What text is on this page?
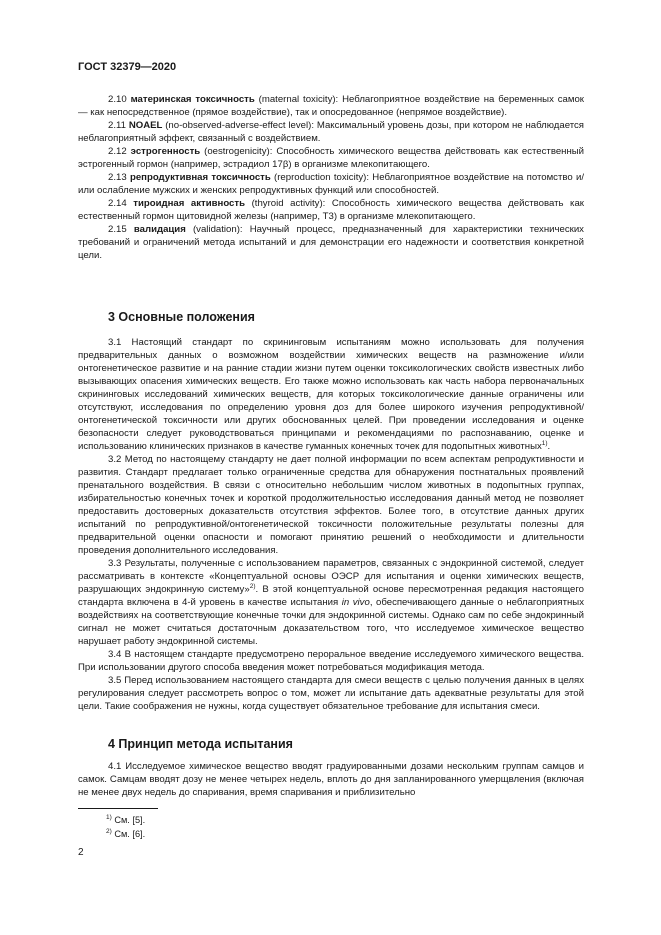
ГОСТ 32379—2020

2.10 материнская токсичность (maternal toxicity): Неблагоприятное воздействие на беременных самок — как непосредственное (прямое воздействие), так и опосредованное (непрямое воздействие).

2.11 NOAEL (no-observed-adverse-effect level): Максимальный уровень дозы, при котором не наблюдается неблагоприятный эффект, связанный с воздействием.

2.12 эстрогенность (oestrogenicity): Способность химического вещества действовать как естественный эстрогенный гормон (например, эстрадиол 17β) в организме млекопитающего.

2.13 репродуктивная токсичность (reproduction toxicity): Неблагоприятное воздействие на потомство и/или ослабление мужских и женских репродуктивных функций или способностей.

2.14 тироидная активность (thyroid activity): Способность химического вещества действовать как естественный гормон щитовидной железы (например, Т3) в организме млекопитающего.

2.15 валидация (validation): Научный процесс, предназначенный для характеристики технических требований и ограничений метода испытаний и для демонстрации его надежности и соответствия конкретной цели.

3 Основные положения

3.1 Настоящий стандарт по скрининговым испытаниям можно использовать для получения предварительных данных о возможном воздействии химических веществ на размножение и/или онтогенетическое развитие и на ранние стадии жизни путем оценки токсикологических свойств известных либо вызывающих опасения химических веществ. Его также можно использовать как часть набора первоначальных скрининговых исследований химических веществ, для которых токсикологические данные ограничены или отсутствуют, исследования по определению уровня доз для более широкого изучения репродуктивной/онтогенетической токсичности или других обоснованных целей. При проведении исследования и оценке безопасности следует руководствоваться принципами и рекомендациями по распознаванию, оценке и использованию клинических признаков в качестве гуманных конечных точек для подопытных животных$^{1)}$.

3.2 Метод по настоящему стандарту не дает полной информации по всем аспектам репродуктивности и развития. Стандарт предлагает только ограниченные средства для обнаружения постнатальных проявлений пренатального воздействия. В связи с относительно небольшим числом животных в подопытных группах, избирательностью конечных точек и короткой продолжительностью исследования данный метод не позволяет предоставить достоверных доказательств отсутствия эффектов. Более того, в отсутствие данных других испытаний по репродуктивной/онтогенетической токсичности положительные результаты полезны для предварительной оценки опасности и помогают принятию решений о необходимости и длительности проведения дополнительного исследования.

3.3 Результаты, полученные с использованием параметров, связанных с эндокринной системой, следует рассматривать в контексте «Концептуальной основы ОЭСР для испытания и оценки химических веществ, разрушающих эндокринную систему»$^{2)}$. В этой концептуальной основе пересмотренная редакция настоящего стандарта включена в 4-й уровень в качестве испытания in vivo, обеспечивающего данные о неблагоприятных воздействиях на соответствующие конечные точки для эндокринной системы. Однако сам по себе эндокринный сигнал не может считаться достаточным доказательством того, что исследуемое химическое вещество нарушает работу эндокринной системы.

3.4 В настоящем стандарте предусмотрено пероральное введение исследуемого химического вещества. При использовании другого способа введения может потребоваться модификация метода.

3.5 Перед использованием настоящего стандарта для смеси веществ с целью получения данных в целях регулирования следует рассмотреть вопрос о том, может ли испытание дать адекватные результаты для этой цели. Такие соображения не нужны, когда существует обязательное требование для испытания смеси.

4 Принцип метода испытания

4.1 Исследуемое химическое вещество вводят градуированными дозами нескольким группам самцов и самок. Самцам вводят дозу не менее четырех недель, вплоть до дня запланированного умерщвления (включая не менее двух недель до спаривания, время спаривания и приблизительно

$^{1)}$ См. [5].
$^{2)}$ См. [6].
2
